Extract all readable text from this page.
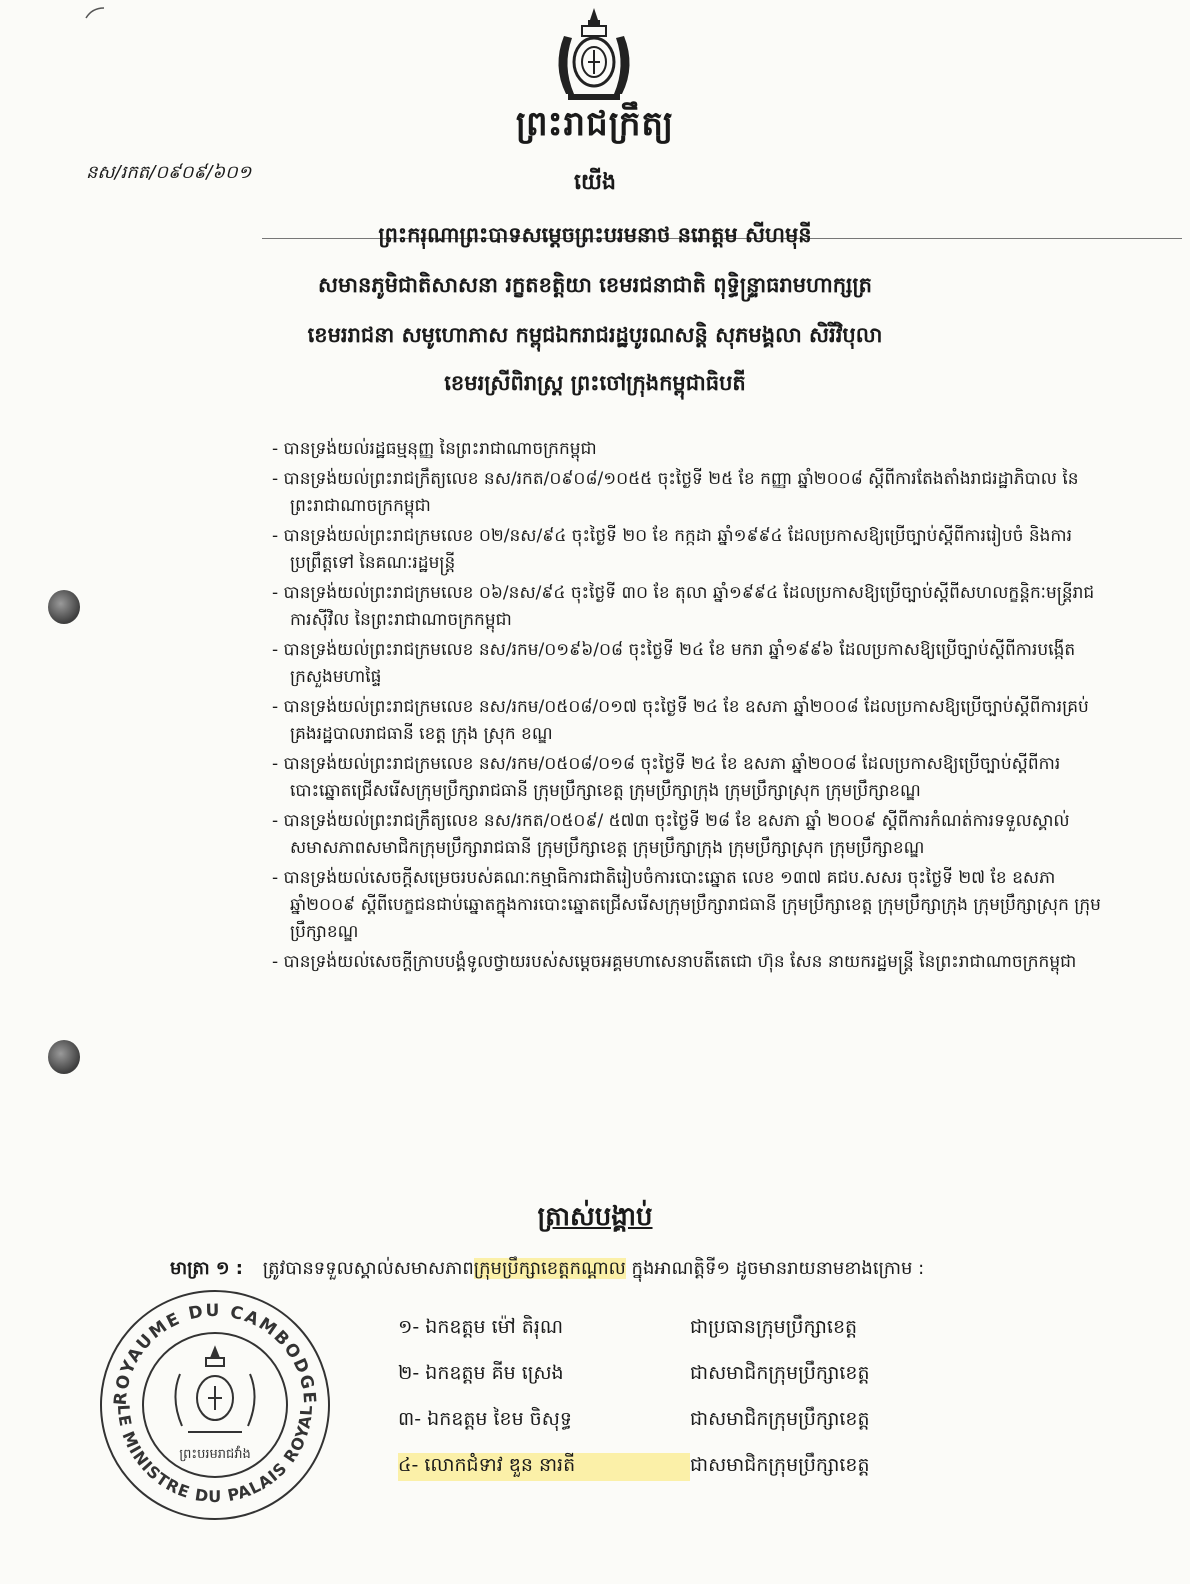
ព្រះរាជក្រឹត្យ
នស/រកត/០៩០៩/៦០១	យើង
ព្រះករុណាព្រះបាទសម្តេចព្រះបរមនាថ នរោត្តម សីហមុនី
សមានភូមិជាតិសាសនា រក្ខតខត្តិយា ខេមរជនាជាតិ ពុទ្ធិន្ទ្រាធរាមហាក្សត្រ
ខេមររាជនា សមូហោភាស កម្ពុជឯករាជរដ្ឋបូរណសន្តិ សុភមង្គលា សិរីវិបុលា
ខេមរស្រីពិរាស្ត្រ ព្រះចៅក្រុងកម្ពុជាធិបតី
- បានទ្រង់យល់រដ្ឋធម្មនុញ្ញ នៃព្រះរាជាណាចក្រកម្ពុជា
- បានទ្រង់យល់ព្រះរាជក្រឹត្យលេខ នស/រកត/០៩០៨/១០៥៥ ចុះថ្ងៃទី ២៥ ខែ កញ្ញា ឆ្នាំ២០០៨ ស្តីពីការតែងតាំងរាជរដ្ឋាភិបាល នៃព្រះរាជាណាចក្រកម្ពុជា
- បានទ្រង់យល់ព្រះរាជក្រមលេខ ០២/នស/៩៤ ចុះថ្ងៃទី ២០ ខែ កក្កដា ឆ្នាំ១៩៩៤ ដែលប្រកាសឱ្យប្រើច្បាប់ស្តីពីការរៀបចំ និងការប្រព្រឹត្តទៅ នៃគណៈរដ្ឋមន្ត្រី
- បានទ្រង់យល់ព្រះរាជក្រមលេខ ០៦/នស/៩៤ ចុះថ្ងៃទី ៣០ ខែ តុលា ឆ្នាំ១៩៩៤ ដែលប្រកាសឱ្យប្រើច្បាប់ស្តីពីសហលក្ខន្តិកៈមន្ត្រីរាជការស៊ីវិល នៃព្រះរាជាណាចក្រកម្ពុជា
- បានទ្រង់យល់ព្រះរាជក្រមលេខ នស/រកម/០១៩៦/០៨ ចុះថ្ងៃទី ២៤ ខែ មករា ឆ្នាំ១៩៩៦ ដែលប្រកាសឱ្យប្រើច្បាប់ស្តីពីការបង្កើតក្រសួងមហាផ្ទៃ
- បានទ្រង់យល់ព្រះរាជក្រមលេខ នស/រកម/០៥០៨/០១៧ ចុះថ្ងៃទី ២៤ ខែ ឧសភា ឆ្នាំ២០០៨ ដែលប្រកាសឱ្យប្រើច្បាប់ស្តីពីការគ្រប់គ្រងរដ្ឋបាលរាជធានី ខេត្ត ក្រុង ស្រុក ខណ្ឌ
- បានទ្រង់យល់ព្រះរាជក្រមលេខ នស/រកម/០៥០៨/០១៨ ចុះថ្ងៃទី ២៤ ខែ ឧសភា ឆ្នាំ២០០៨ ដែលប្រកាសឱ្យប្រើច្បាប់ស្តីពីការបោះឆ្នោតជ្រើសរើសក្រុមប្រឹក្សារាជធានី ក្រុមប្រឹក្សាខេត្ត ក្រុមប្រឹក្សាក្រុង ក្រុមប្រឹក្សាស្រុក ក្រុមប្រឹក្សាខណ្ឌ
- បានទ្រង់យល់ព្រះរាជក្រឹត្យលេខ នស/រកត/០៥០៩/ ៥៧៣ ចុះថ្ងៃទី ២៨ ខែ ឧសភា ឆ្នាំ ២០០៩ ស្តីពីការកំណត់ការទទួលស្គាល់សមាសភាពសមាជិកក្រុមប្រឹក្សារាជធានី ក្រុមប្រឹក្សាខេត្ត ក្រុមប្រឹក្សាក្រុង ក្រុមប្រឹក្សាស្រុក ក្រុមប្រឹក្សាខណ្ឌ
- បានទ្រង់យល់សេចក្តីសម្រេចរបស់គណៈកម្មាធិការជាតិរៀបចំការបោះឆ្នោត លេខ ១៣៧ គជប.សសរ ចុះថ្ងៃទី ២៧ ខែ ឧសភា ឆ្នាំ២០០៩ ស្តីពីបេក្ខជនជាប់ឆ្នោតក្នុងការបោះឆ្នោតជ្រើសរើសក្រុមប្រឹក្សារាជធានី ក្រុមប្រឹក្សាខេត្ត ក្រុមប្រឹក្សាក្រុង ក្រុមប្រឹក្សាស្រុក ក្រុមប្រឹក្សាខណ្ឌ
- បានទ្រង់យល់សេចក្តីក្រាបបង្គំទូលថ្វាយរបស់សម្តេចអគ្គមហាសេនាបតីតេជោ ហ៊ុន សែន នាយករដ្ឋមន្ត្រី នៃព្រះរាជាណាចក្រកម្ពុជា
ត្រាស់បង្គាប់
មាត្រា ១ : ត្រូវបានទទួលស្គាល់សមាសភាពក្រុមប្រឹក្សាខេត្តកណ្តាល ក្នុងអាណត្តិទី១ ដូចមានរាយនាមខាងក្រោម :
១- ឯកឧត្តម ម៉ៅ តិរុណ	ជាប្រធានក្រុមប្រឹក្សាខេត្ត
២- ឯកឧត្តម គីម ស្រេង	ជាសមាជិកក្រុមប្រឹក្សាខេត្ត
៣- ឯកឧត្តម ខៃម ចិសុទ្ធ	ជាសមាជិកក្រុមប្រឹក្សាខេត្ត
៤- លោកជំទាវ ឌួន នារតី	ជាសមាជិកក្រុមប្រឹក្សាខេត្ត
ROYAUME DU CAMBODGE
LE MINISTRE DU PALAIS ROYAL
ព្រះបរមរាជវាំង
